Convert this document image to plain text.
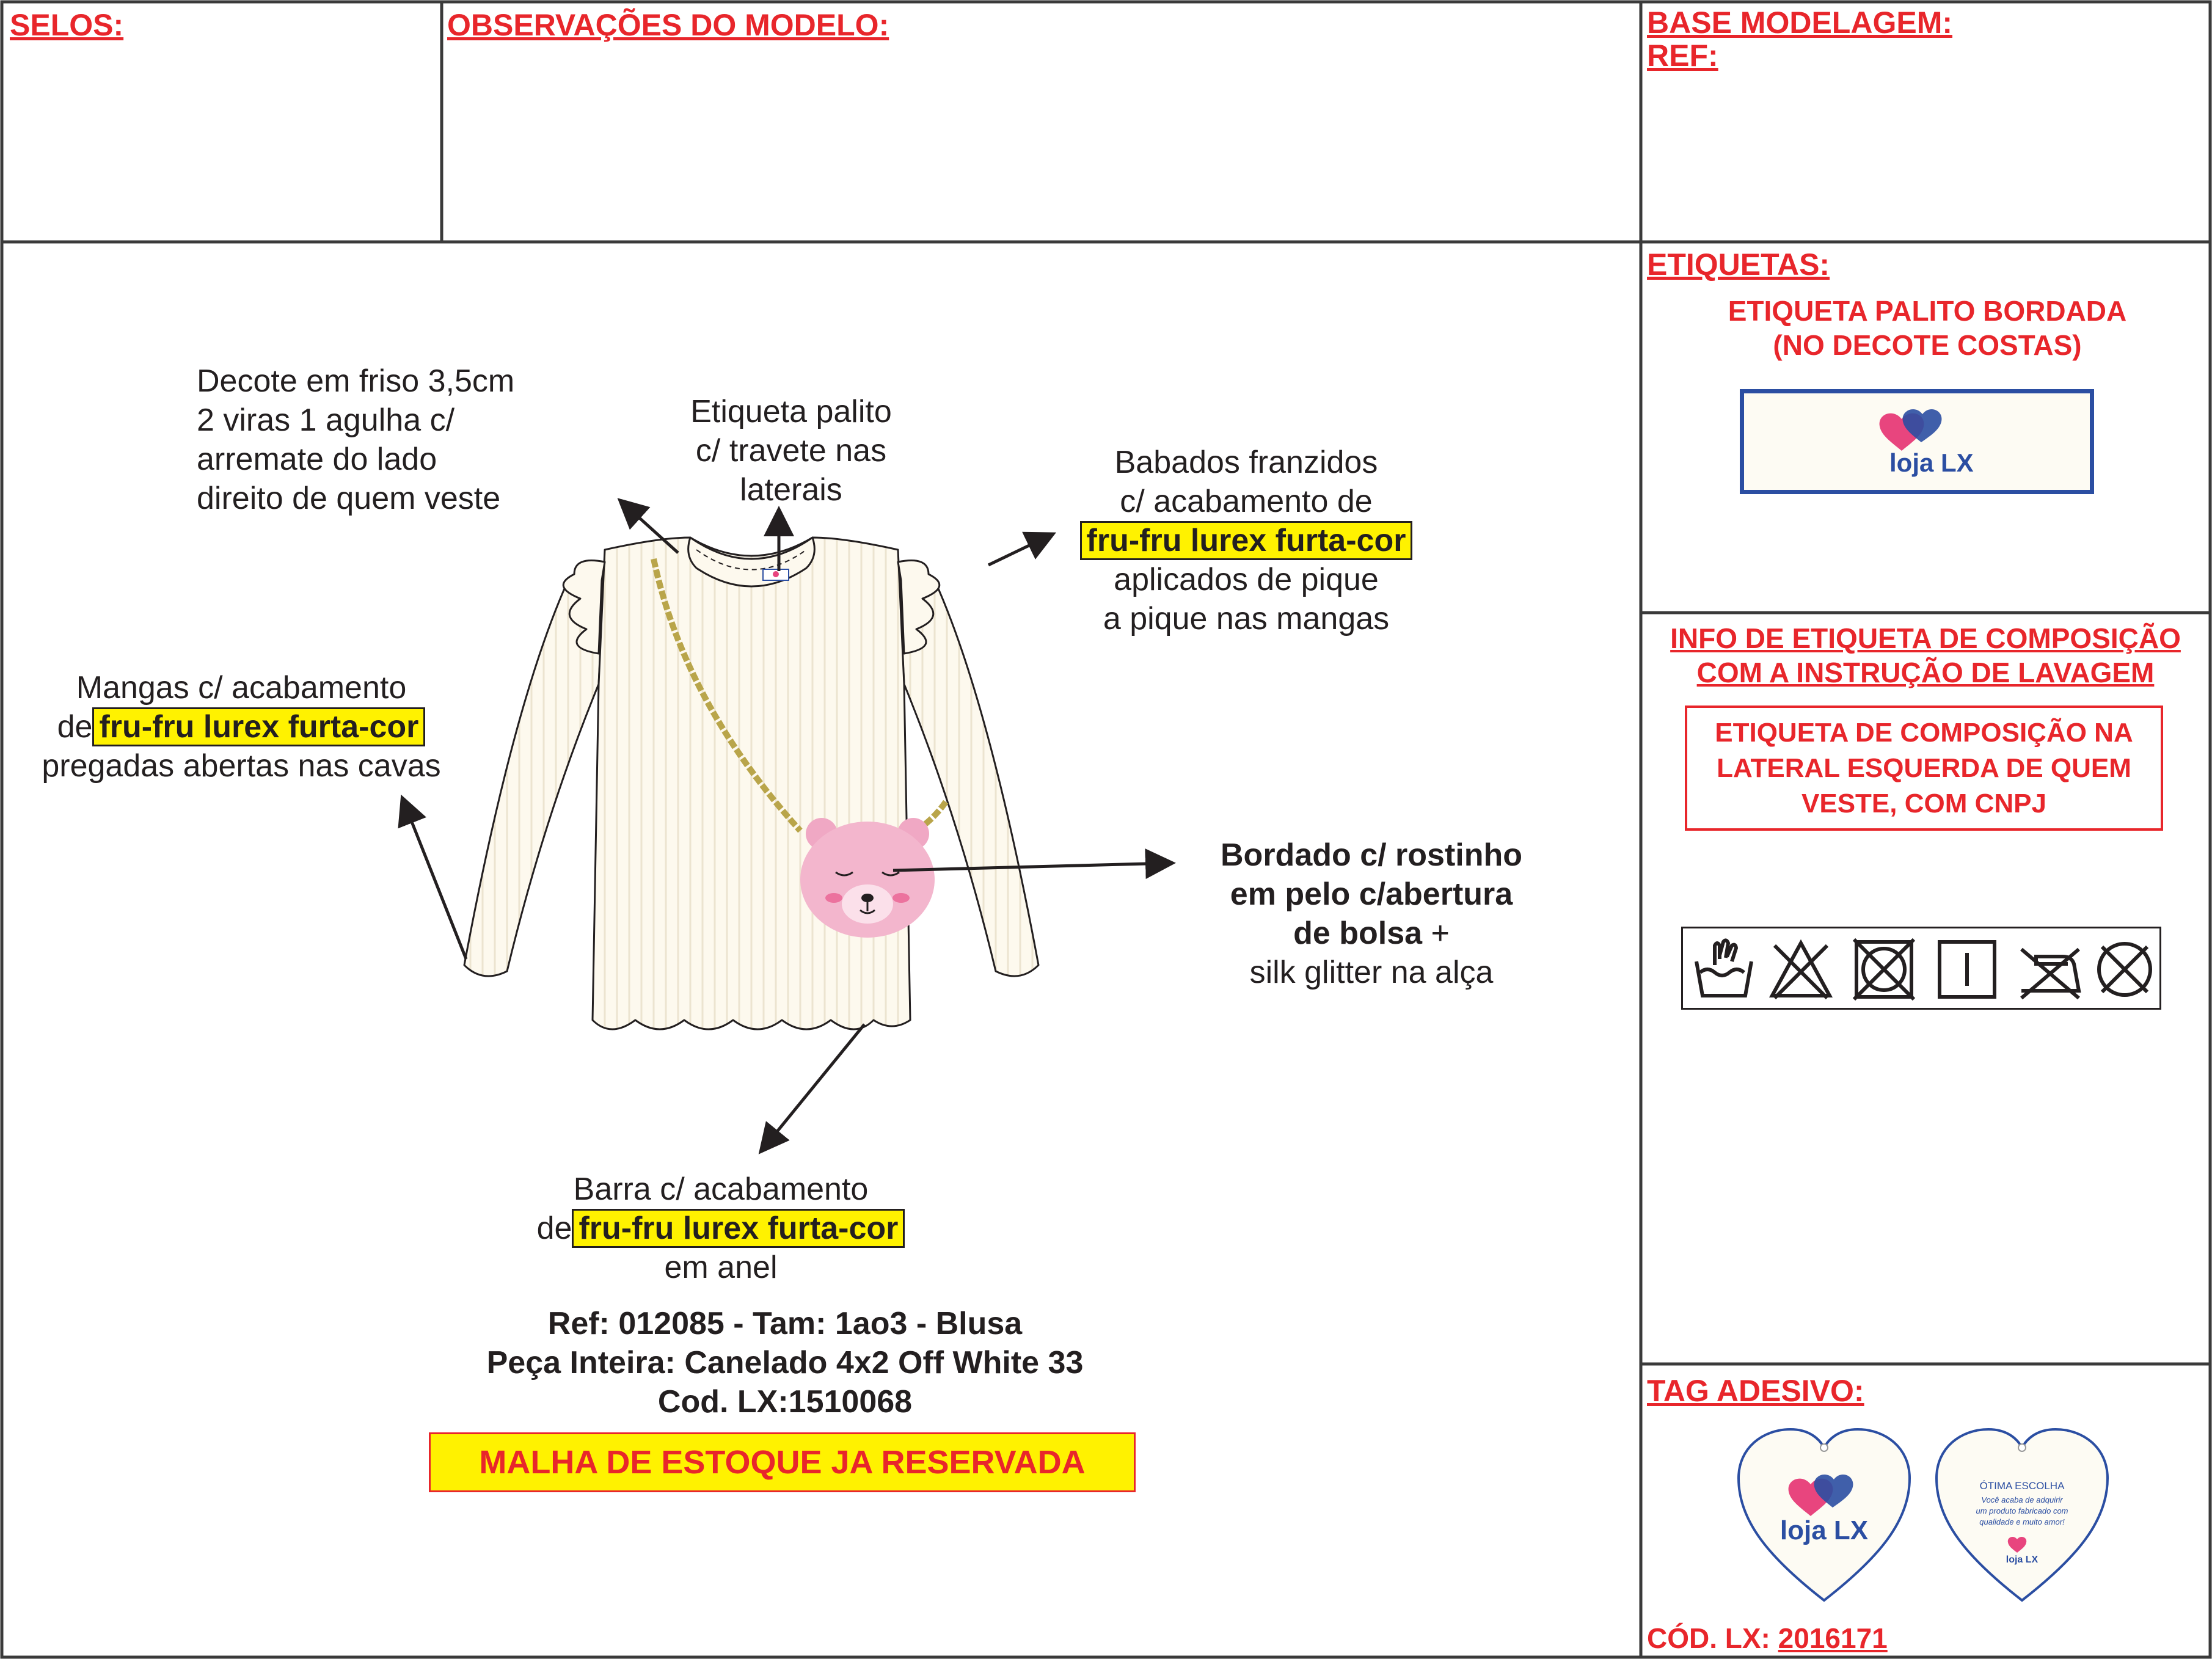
SELOS:	OBSERVAÇÕES DO MODELO:	BASE MODELAGEM:
REF:
ETIQUETAS:
ETIQUETA PALITO BORDADA
(NO DECOTE COSTAS)
loja LX
INFO DE ETIQUETA DE COMPOSIÇÃO
COM A INSTRUÇÃO DE LAVAGEM
ETIQUETA DE COMPOSIÇÃO NA
LATERAL ESQUERDA DE QUEM
VESTE, COM CNPJ
TAG ADESIVO:
loja LX
ÓTIMA ESCOLHA
Você acaba de adquirir
um produto fabricado com
qualidade e muito amor!
loja LX
CÓD. LX: 2016171
Decote em friso 3,5cm
2 viras 1 agulha c/
arremate do lado
direito de quem veste
Etiqueta palito
c/ travete nas
laterais
Babados franzidos
c/ acabamento de
fru-fru lurex furta-cor
aplicados de pique
a pique nas mangas
Mangas c/ acabamento
de fru-fru lurex furta-cor
pregadas abertas nas cavas
Bordado c/ rostinho
em pelo c/abertura
de bolsa +
silk glitter na alça
Barra c/ acabamento
de fru-fru lurex furta-cor
em anel
Ref: 012085 - Tam: 1ao3 - Blusa
Peça Inteira: Canelado 4x2 Off White 33
Cod. LX:1510068
MALHA DE ESTOQUE JA RESERVADA
